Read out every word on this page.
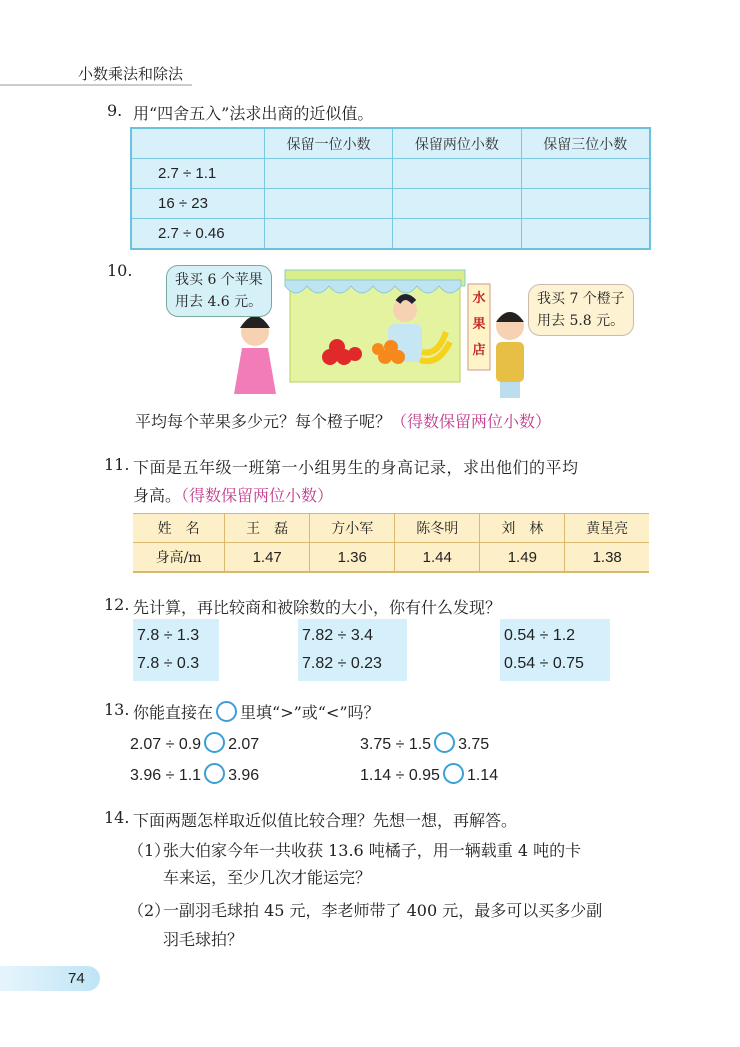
小数乘法和除法
9. 用“四舍五入”法求出商的近似值。
	保留一位小数	保留两位小数	保留三位小数
2.7 ÷ 1.1			
16 ÷ 23			
2.7 ÷ 0.46			
10.
水果店
我买 6 个苹果
用去 4.6 元。	我买 7 个橙子
用去 5.8 元。
平均每个苹果多少元？每个橙子呢？（得数保留两位小数）
11. 下面是五年级一班第一小组男生的身高记录，求出他们的平均
身高。（得数保留两位小数）
姓　名	王　磊	方小军	陈冬明	刘　林	黄星亮
身高/m	1.47	1.36	1.44	1.49	1.38
12. 先计算，再比较商和被除数的大小，你有什么发现？
7.8 ÷ 1.3
7.8 ÷ 0.3
7.82 ÷ 3.4
7.82 ÷ 0.23
0.54 ÷ 1.2
0.54 ÷ 0.75
13. 你能直接在 里填“>”或“<”吗？
2.07 ÷ 0.9 2.07	3.75 ÷ 1.5 3.75
3.96 ÷ 1.1 3.96	1.14 ÷ 0.95 1.14
14. 下面两题怎样取近似值比较合理？先想一想，再解答。
（1）
张大伯家今年一共收获 13.6 吨橘子，用一辆载重 4 吨的卡
车来运，至少几次才能运完？
（2）
一副羽毛球拍 45 元，李老师带了 400 元，最多可以买多少副
羽毛球拍？
74
